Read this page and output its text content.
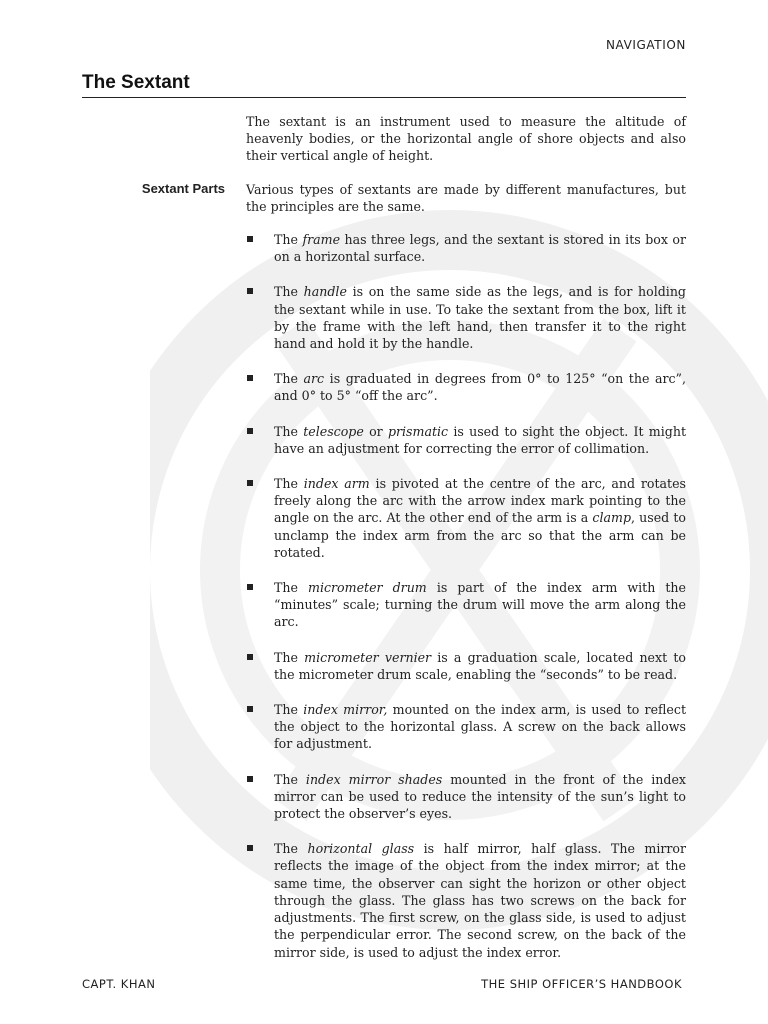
NAVIGATION
The Sextant

The sextant is an instrument used to measure the altitude of heavenly bodies, or the horizontal angle of shore objects and also their vertical angle of height.

Sextant Parts Various types of sextants are made by different manufactures, but the principles are the same.

The frame has three legs, and the sextant is stored in its box or on a horizontal surface.

The handle is on the same side as the legs, and is for holding the sextant while in use. To take the sextant from the box, lift it by the frame with the left hand, then transfer it to the right hand and hold it by the handle.

The arc is graduated in degrees from 0° to 125° “on the arc”, and 0° to 5° “off the arc”.

The telescope or prismatic is used to sight the object. It might have an adjustment for correcting the error of collimation.

The index arm is pivoted at the centre of the arc, and rotates freely along the arc with the arrow index mark pointing to the angle on the arc. At the other end of the arm is a clamp, used to unclamp the index arm from the arc so that the arm can be rotated.

The micrometer drum is part of the index arm with the “minutes” scale; turning the drum will move the arm along the arc.

The micrometer vernier is a graduation scale, located next to the micrometer drum scale, enabling the “seconds” to be read.

The index mirror, mounted on the index arm, is used to reflect the object to the horizontal glass. A screw on the back allows for adjustment.

The index mirror shades mounted in the front of the index mirror can be used to reduce the intensity of the sun’s light to protect the observer’s eyes.

The horizontal glass is half mirror, half glass. The mirror reflects the image of the object from the index mirror; at the same time, the observer can sight the horizon or other object through the glass. The glass has two screws on the back for adjustments. The first screw, on the glass side, is used to adjust the perpendicular error. The second screw, on the back of the mirror side, is used to adjust the index error.

CAPT. KHAN	THE SHIP OFFICER’S HANDBOOK
